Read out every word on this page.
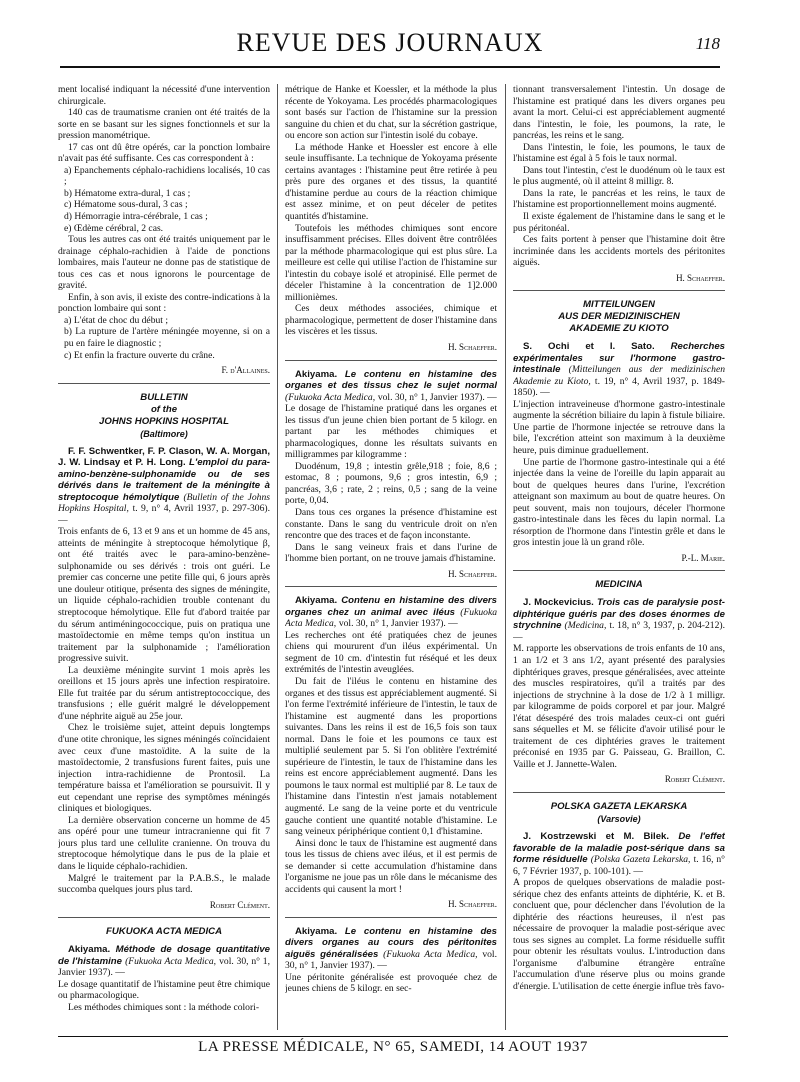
REVUE DES JOURNAUX	118

ment localisé indiquant la nécessité d'une intervention chirurgicale.

140 cas de traumatisme cranien ont été traités de la sorte en se basant sur les signes fonctionnels et sur la pression manométrique.

17 cas ont dû être opérés, car la ponction lombaire n'avait pas été suffisante. Ces cas correspondent à :

a) Epanchements céphalo-rachidiens localisés, 10 cas ;

b) Hématome extra-dural, 1 cas ;

c) Hématome sous-dural, 3 cas ;

d) Hémorragie intra-cérébrale, 1 cas ;

e) Œdème cérébral, 2 cas.

Tous les autres cas ont été traités uniquement par le drainage céphalo-rachidien à l'aide de ponctions lombaires, mais l'auteur ne donne pas de statistique de tous ces cas et nous ignorons le pourcentage de gravité.

Enfin, à son avis, il existe des contre-indications à la ponction lombaire qui sont :

a) L'état de choc du début ;

b) La rupture de l'artère méningée moyenne, si on a pu en faire le diagnostic ;

c) Et enfin la fracture ouverte du crâne.

F. d'Allaines.
BULLETIN
of the
JOHNS HOPKINS HOSPITAL
(Baltimore)

F. F. Schwentker, F. P. Clason, W. A. Morgan, J. W. Lindsay et P. H. Long. L'emploi du para-amino-benzène-sulphonamide ou de ses dérivés dans le traitement de la méningite à streptocoque hémolytique (Bulletin of the Johns Hopkins Hospital, t. 9, n° 4, Avril 1937, p. 297-306). —

Trois enfants de 6, 13 et 9 ans et un homme de 45 ans, atteints de méningite à streptocoque hémolytique β, ont été traités avec le para-amino-benzène-sulphonamide ou ses dérivés : trois ont guéri. Le premier cas concerne une petite fille qui, 6 jours après une douleur otitique, présenta des signes de méningite, un liquide céphalo-rachidien trouble contenant du streptocoque hémolytique. Elle fut d'abord traitée par du sérum antiméningococcique, puis on pratiqua une mastoïdectomie en même temps qu'on institua un traitement par la sulphonamide ; l'amélioration progressive suivit.

La deuxième méningite survint 1 mois après les oreillons et 15 jours après une infection respiratoire. Elle fut traitée par du sérum antistreptococcique, des transfusions ; elle guérit malgré le développement d'une néphrite aiguë au 25e jour.

Chez le troisième sujet, atteint depuis longtemps d'une otite chronique, les signes méningés coïncidaient avec ceux d'une mastoïdite. A la suite de la mastoïdectomie, 2 transfusions furent faites, puis une injection intra-rachidienne de Prontosil. La température baissa et l'amélioration se poursuivit. Il y eut cependant une reprise des symptômes méningés cliniques et biologiques.

La dernière observation concerne un homme de 45 ans opéré pour une tumeur intracranienne qui fit 7 jours plus tard une cellulite cranienne. On trouva du streptocoque hémolytique dans le pus de la plaie et dans le liquide céphalo-rachidien.

Malgré le traitement par la P.A.B.S., le malade succomba quelques jours plus tard.

Robert Clément.
FUKUOKA ACTA MEDICA

Akiyama. Méthode de dosage quantitative de l'histamine (Fukuoka Acta Medica, vol. 30, n° 1, Janvier 1937). —

Le dosage quantitatif de l'histamine peut être chimique ou pharmacologique.

Les méthodes chimiques sont : la méthode colori-

métrique de Hanke et Koessler, et la méthode la plus récente de Yokoyama. Les procédés pharmacologiques sont basés sur l'action de l'histamine sur la pression sanguine du chien et du chat, sur la sécrétion gastrique, ou encore son action sur l'intestin isolé du cobaye.

La méthode Hanke et Hoessler est encore à elle seule insuffisante. La technique de Yokoyama présente certains avantages : l'histamine peut être retirée à peu près pure des organes et des tissus, la quantité d'histamine perdue au cours de la réaction chimique est assez minime, et on peut déceler de petites quantités d'histamine.

Toutefois les méthodes chimiques sont encore insuffisamment précises. Elles doivent être contrôlées par la méthode pharmacologique qui est plus sûre. La meilleure est celle qui utilise l'action de l'histamine sur l'intestin du cobaye isolé et atropinisé. Elle permet de déceler l'histamine à la concentration de 1]2.000 millionièmes.

Ces deux méthodes associées, chimique et pharmacologique, permettent de doser l'histamine dans les viscères et les tissus.

H. Schaeffer.

Akiyama. Le contenu en histamine des organes et des tissus chez le sujet normal (Fukuoka Acta Medica, vol. 30, n° 1, Janvier 1937). —

Le dosage de l'histamine pratiqué dans les organes et les tissus d'un jeune chien bien portant de 5 kilogr. en partant par les méthodes chimiques et pharmacologiques, donne les résultats suivants en milligrammes par kilogramme :

Duodénum, 19,8 ; intestin grêle,918 ; foie, 8,6 ; estomac, 8 ; poumons, 9,6 ; gros intestin, 6,9 ; pancréas, 3,6 ; rate, 2 ; reins, 0,5 ; sang de la veine porte, 0,04.

Dans tous ces organes la présence d'histamine est constante. Dans le sang du ventricule droit on n'en rencontre que des traces et de façon inconstante.

Dans le sang veineux frais et dans l'urine de l'homme bien portant, on ne trouve jamais d'histamine.

H. Schaeffer.

Akiyama. Contenu en histamine des divers organes chez un animal avec iléus (Fukuoka Acta Medica, vol. 30, n° 1, Janvier 1937). —

Les recherches ont été pratiquées chez de jeunes chiens qui moururent d'un iléus expérimental. Un segment de 10 cm. d'intestin fut réséqué et les deux extrémités de l'intestin aveuglées.

Du fait de l'iléus le contenu en histamine des organes et des tissus est appréciablement augmenté. Si l'on ferme l'extrémité inférieure de l'intestin, le taux de l'histamine est augmenté dans les proportions suivantes. Dans les reins il est de 16,5 fois son taux normal. Dans le foie et les poumons ce taux est multiplié seulement par 5. Si l'on oblitère l'extrémité supérieure de l'intestin, le taux de l'histamine dans les reins est encore appréciablement augmenté. Dans les poumons le taux normal est multiplié par 8. Le taux de l'histamine dans l'intestin n'est jamais notablement augmenté. Le sang de la veine porte et du ventricule gauche contient une quantité notable d'histamine. Le sang veineux périphérique contient 0,1 d'histamine.

Ainsi donc le taux de l'histamine est augmenté dans tous les tissus de chiens avec iléus, et il est permis de se demander si cette accumulation d'histamine dans l'organisme ne joue pas un rôle dans le mécanisme des accidents qui causent la mort !

H. Schaeffer.

Akiyama. Le contenu en histamine des divers organes au cours des péritonites aiguës généralisées (Fukuoka Acta Medica, vol. 30, n° 1, Janvier 1937). —

Une péritonite généralisée est provoquée chez de jeunes chiens de 5 kilogr. en sec-

tionnant transversalement l'intestin. Un dosage de l'histamine est pratiqué dans les divers organes peu avant la mort. Celui-ci est appréciablement augmenté dans l'intestin, le foie, les poumons, la rate, le pancréas, les reins et le sang.

Dans l'intestin, le foie, les poumons, le taux de l'histamine est égal à 5 fois le taux normal.

Dans tout l'intestin, c'est le duodénum où le taux est le plus augmenté, où il atteint 8 milligr. 8.

Dans la rate, le pancréas et les reins, le taux de l'histamine est proportionnellement moins augmenté.

Il existe également de l'histamine dans le sang et le pus péritonéal.

Ces faits portent à penser que l'histamine doit être incriminée dans les accidents mortels des péritonites aiguës.

H. Schaeffer.
MITTEILUNGEN
AUS DER MEDIZINISCHEN
AKADEMIE ZU KIOTO

S. Ochi et I. Sato. Recherches expérimentales sur l'hormone gastro-intestinale (Mitteilungen aus der medizinischen Akademie zu Kioto, t. 19, n° 4, Avril 1937, p. 1849-1850). —

L'injection intraveineuse d'hormone gastro-intestinale augmente la sécrétion biliaire du lapin à fistule biliaire. Une partie de l'hormone injectée se retrouve dans la bile, l'excrétion atteint son maximum à la deuxième heure, puis diminue graduellement.

Une partie de l'hormone gastro-intestinale qui a été injectée dans la veine de l'oreille du lapin apparait au bout de quelques heures dans l'urine, l'excrétion atteignant son maximum au bout de quatre heures. On peut souvent, mais non toujours, déceler l'hormone gastro-intestinale dans les fèces du lapin normal. La résorption de l'hormone dans l'intestin grêle et dans le gros intestin joue là un grand rôle.

P.-L. Marie.
MEDICINA

J. Mockevicius. Trois cas de paralysie post-diphtérique guéris par des doses énormes de strychnine (Medicina, t. 18, n° 3, 1937, p. 204-212). —

M. rapporte les observations de trois enfants de 10 ans, 1 an 1/2 et 3 ans 1/2, ayant présenté des paralysies diphtériques graves, presque généralisées, avec atteinte des muscles respiratoires, qu'il a traités par des injections de strychnine à la dose de 1/2 à 1 milligr. par kilogramme de poids corporel et par jour. Malgré l'état désespéré des trois malades ceux-ci ont guéri sans séquelles et M. se félicite d'avoir utilisé pour le traitement de ces diphtéries graves le traitement préconisé en 1935 par G. Paisseau, G. Braillon, C. Vaille et J. Jannette-Walen.

Robert Clément.
POLSKA GAZETA LEKARSKA
(Varsovie)

J. Kostrzewski et M. Bilek. De l'effet favorable de la maladie post-sérique dans sa forme résiduelle (Polska Gazeta Lekarska, t. 16, n° 6, 7 Février 1937, p. 100-101). —

A propos de quelques observations de maladie post-sérique chez des enfants atteints de diphtérie, K. et B. concluent que, pour déclencher dans l'évolution de la diphtérie des réactions heureuses, il n'est pas nécessaire de provoquer la maladie post-sérique avec tous ses signes au complet. La forme résiduelle suffit pour obtenir les résultats voulus. L'introduction dans l'organisme d'albumine étrangère entraîne l'accumulation d'une réserve plus ou moins grande d'énergie. L'utilisation de cette énergie influe très favo-

LA PRESSE MÉDICALE, N° 65, SAMEDI, 14 AOUT 1937
